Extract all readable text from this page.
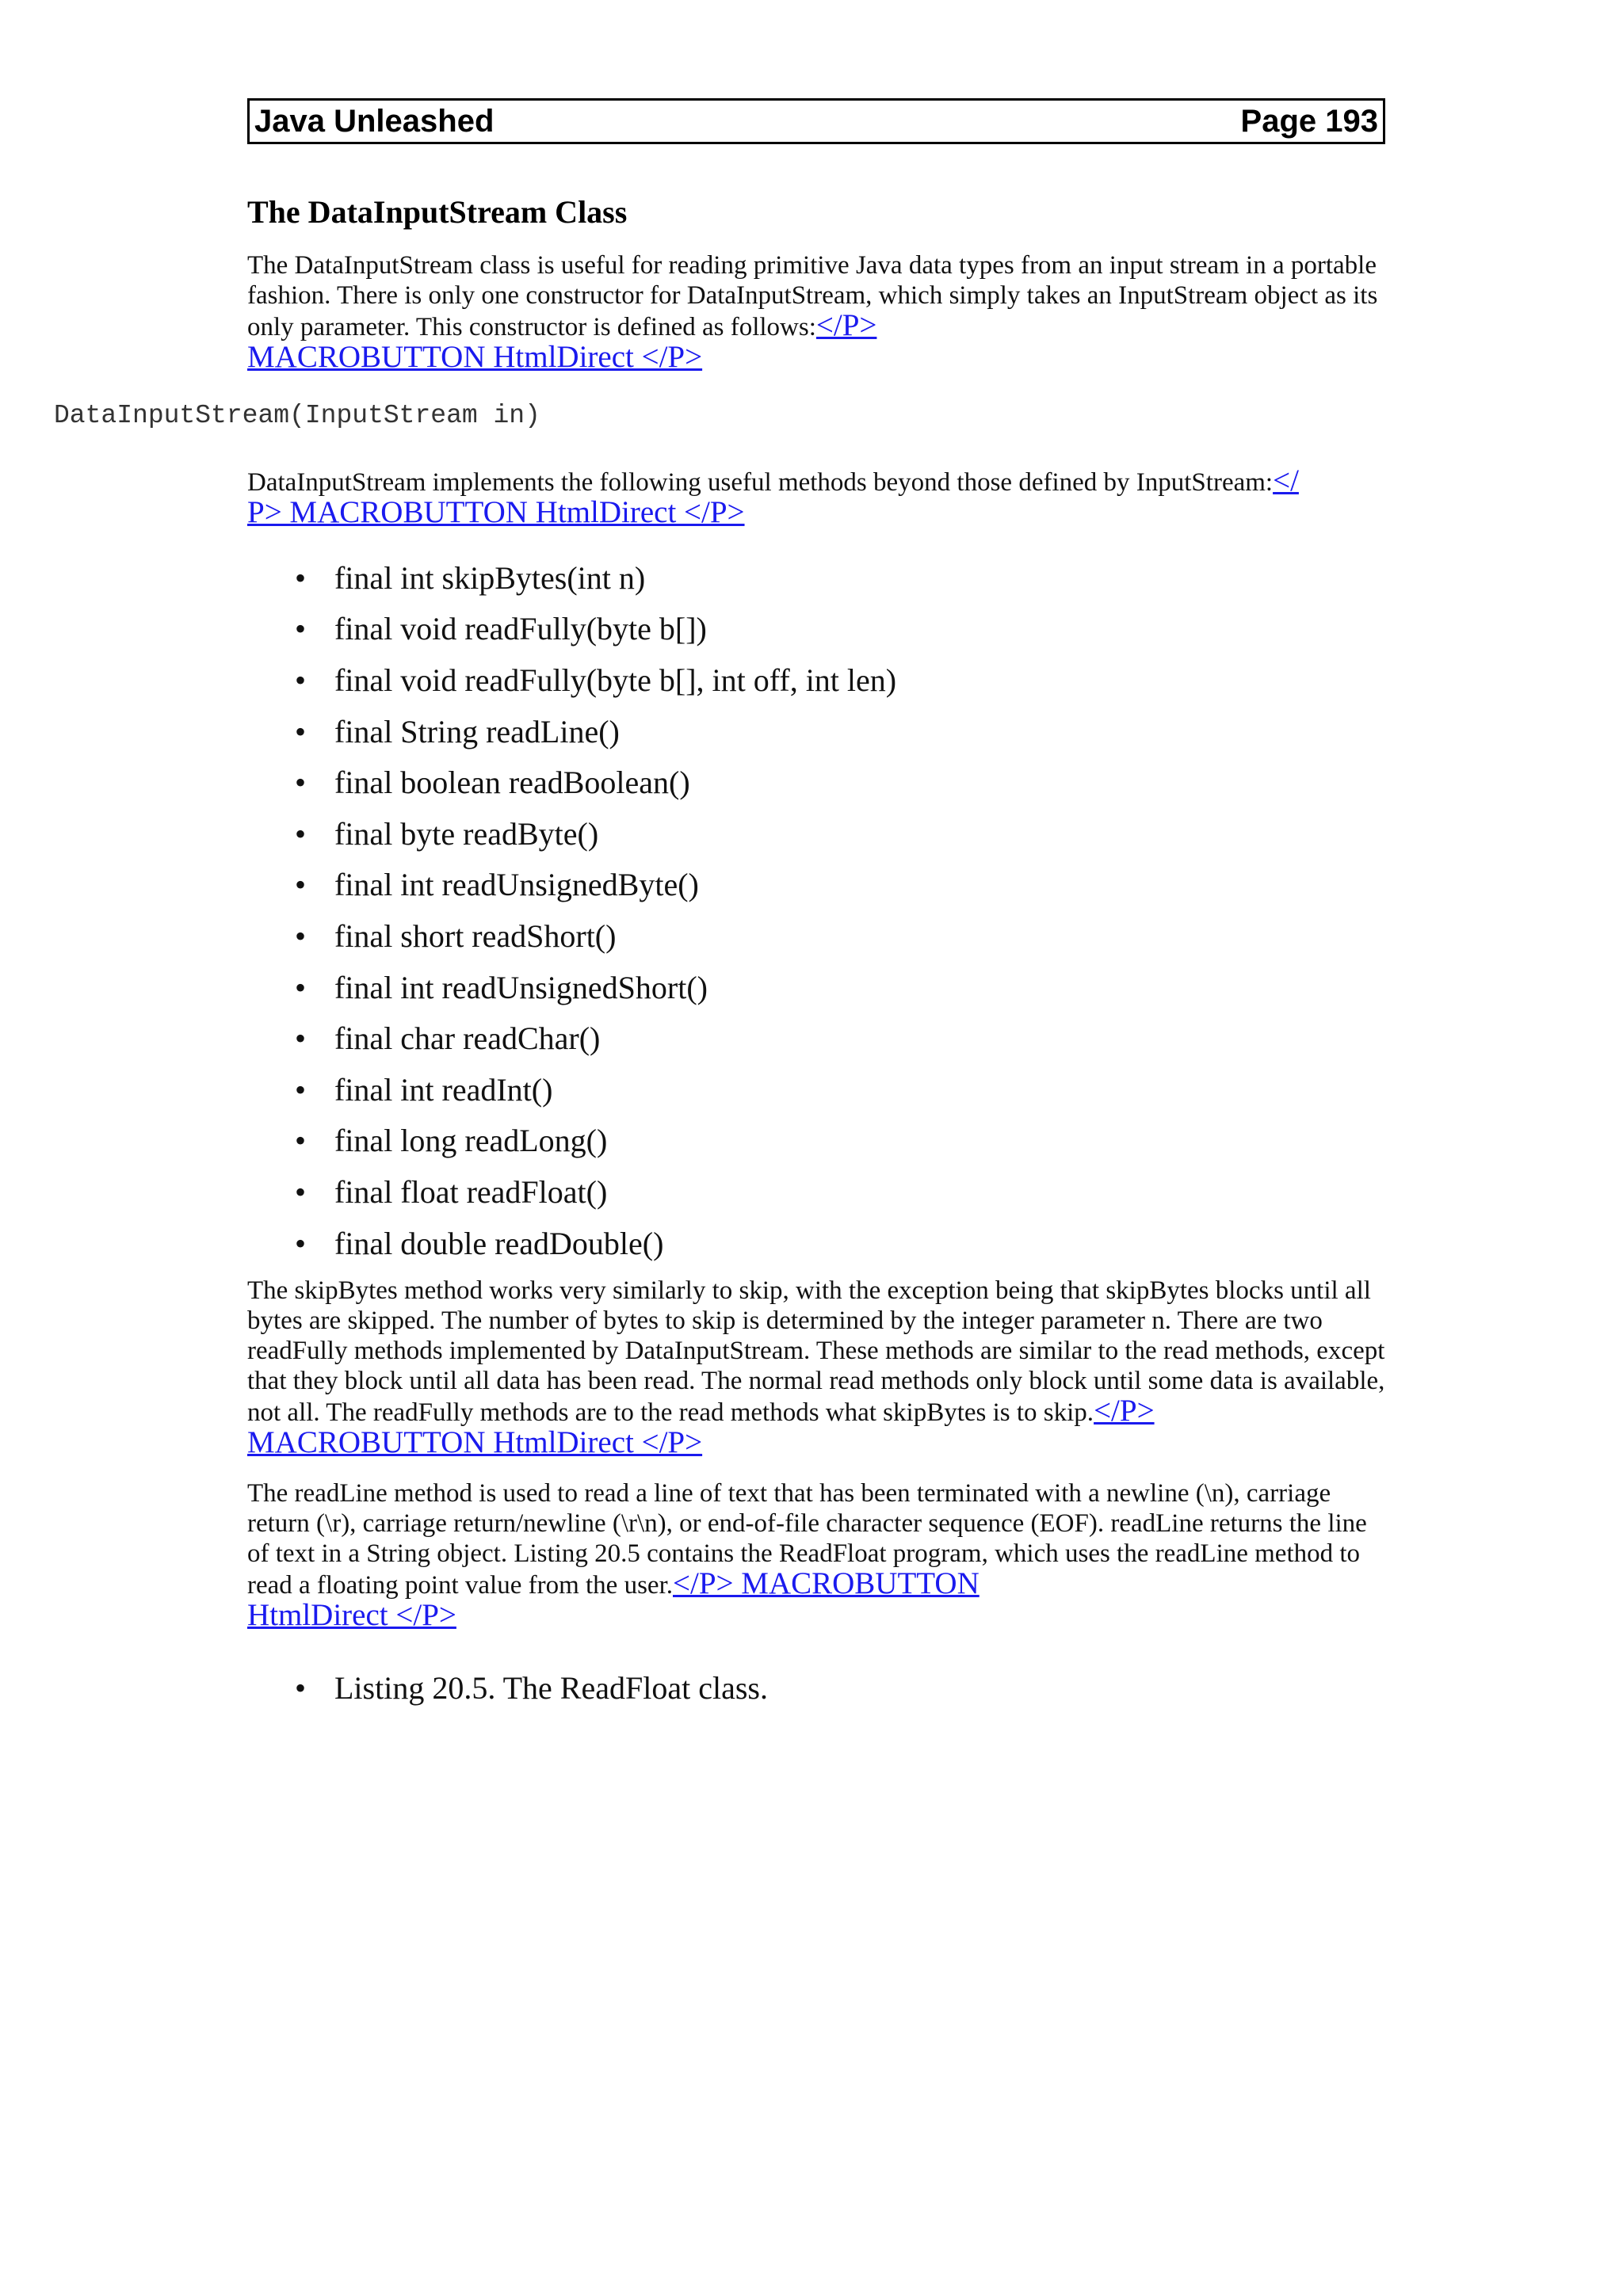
Java Unleashed	Page 193
The DataInputStream Class

The DataInputStream class is useful for reading primitive Java data types from an input stream in a portable fashion. There is only one constructor for DataInputStream, which simply takes an InputStream object as its only parameter. This constructor is defined as follows:</P>
MACROBUTTON HtmlDirect </P>

DataInputStream(InputStream in)

DataInputStream implements the following useful methods beyond those defined by InputStream:</
P> MACROBUTTON HtmlDirect </P>

• final int skipBytes(int n)
• final void readFully(byte b[])
• final void readFully(byte b[], int off, int len)
• final String readLine()
• final boolean readBoolean()
• final byte readByte()
• final int readUnsignedByte()
• final short readShort()
• final int readUnsignedShort()
• final char readChar()
• final int readInt()
• final long readLong()
• final float readFloat()
• final double readDouble()

The skipBytes method works very similarly to skip, with the exception being that skipBytes blocks until all bytes are skipped. The number of bytes to skip is determined by the integer parameter n. There are two readFully methods implemented by DataInputStream. These methods are similar to the read methods, except that they block until all data has been read. The normal read methods only block until some data is available, not all. The readFully methods are to the read methods what skipBytes is to skip.</P> MACROBUTTON HtmlDirect </P>

The readLine method is used to read a line of text that has been terminated with a newline (\n), carriage return (\r), carriage return/newline (\r\n), or end-of-file character sequence (EOF). readLine returns the line of text in a String object. Listing 20.5 contains the ReadFloat program, which uses the readLine method to read a floating point value from the user.</P> MACROBUTTON
HtmlDirect </P>

• Listing 20.5. The ReadFloat class.
